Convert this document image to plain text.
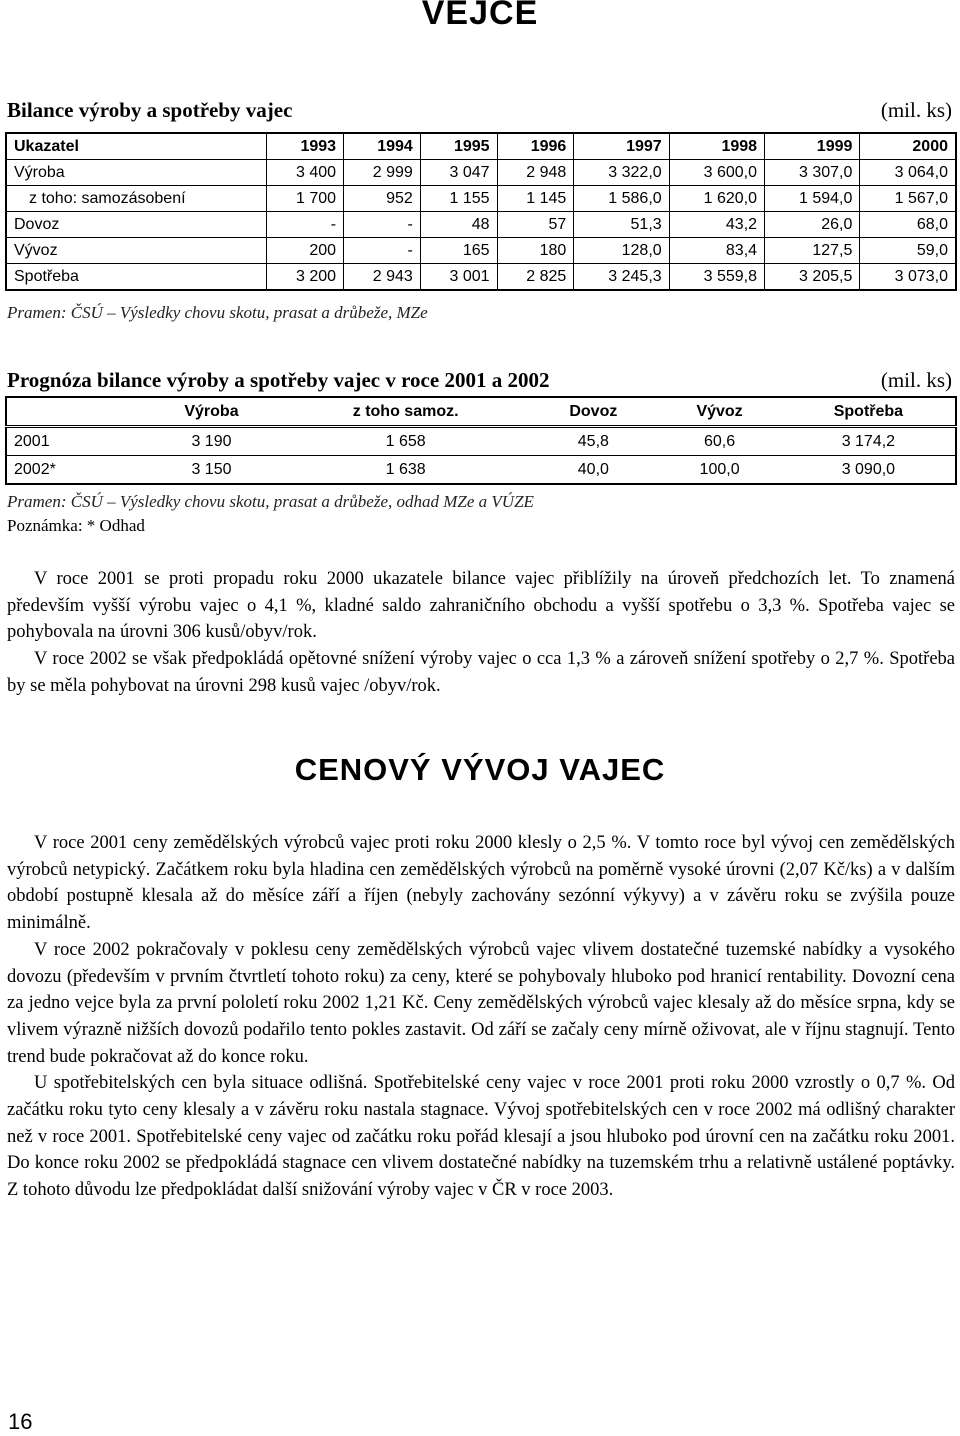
VEJCE
Bilance výroby a spotřeby vajec	(mil. ks)
Ukazatel	1993	1994	1995	1996	1997	1998	1999	2000
Výroba	3 400	2 999	3 047	2 948	3 322,0	3 600,0	3 307,0	3 064,0
z toho: samozásobení	1 700	952	1 155	1 145	1 586,0	1 620,0	1 594,0	1 567,0
Dovoz	-	-	48	57	51,3	43,2	26,0	68,0
Vývoz	200	-	165	180	128,0	83,4	127,5	59,0
Spotřeba	3 200	2 943	3 001	2 825	3 245,3	3 559,8	3 205,5	3 073,0
Pramen: ČSÚ – Výsledky chovu skotu, prasat a drůbeže, MZe
Prognóza bilance výroby a spotřeby vajec v roce 2001 a 2002	(mil. ks)
	Výroba	z toho samoz.	Dovoz	Vývoz	Spotřeba
2001	3 190	1 658	45,8	60,6	3 174,2
2002*	3 150	1 638	40,0	100,0	3 090,0
Pramen: ČSÚ – Výsledky chovu skotu, prasat a drůbeže, odhad MZe a VÚZE
Poznámka: * Odhad

V roce 2001 se proti propadu roku 2000 ukazatele bilance vajec přiblížily na úroveň předchozích let. To znamená především vyšší výrobu vajec o 4,1 %, kladné saldo zahraničního obchodu a vyšší spotřebu o 3,3 %. Spotřeba vajec se pohybovala na úrovni 306 kusů/obyv/rok.

V roce 2002 se však předpokládá opětovné snížení výroby vajec o cca 1,3 % a zároveň snížení spotřeby o 2,7 %. Spotřeba by se měla pohybovat na úrovni 298 kusů vajec /obyv/rok.

CENOVÝ VÝVOJ VAJEC

V roce 2001 ceny zemědělských výrobců vajec proti roku 2000 klesly o 2,5 %. V tomto roce byl vývoj cen zemědělských výrobců netypický. Začátkem roku byla hladina cen zemědělských výrobců na poměrně vysoké úrovni (2,07 Kč/ks) a v dalším období postupně klesala až do měsíce září a říjen (nebyly zachovány sezónní výkyvy) a v závěru roku se zvýšila pouze minimálně.

V roce 2002 pokračovaly v poklesu ceny zemědělských výrobců vajec vlivem dostatečné tuzemské nabídky a vysokého dovozu (především v prvním čtvrtletí tohoto roku) za ceny, které se pohybovaly hluboko pod hranicí rentability. Dovozní cena za jedno vejce byla za první pololetí roku 2002 1,21 Kč. Ceny zemědělských výrobců vajec klesaly až do měsíce srpna, kdy se vlivem výrazně nižších dovozů podařilo tento pokles zastavit. Od září se začaly ceny mírně oživovat, ale v říjnu stagnují. Tento trend bude pokračovat až do konce roku.

U spotřebitelských cen byla situace odlišná. Spotřebitelské ceny vajec v roce 2001 proti roku 2000 vzrostly o 0,7 %. Od začátku roku tyto ceny klesaly a v závěru roku nastala stagnace. Vývoj spotřebitelských cen v roce 2002 má odlišný charakter než v roce 2001. Spotřebitelské ceny vajec od začátku roku pořád klesají a jsou hluboko pod úrovní cen na začátku roku 2001. Do konce roku 2002 se předpokládá stagnace cen vlivem dostatečné nabídky na tuzemském trhu a relativně ustálené poptávky. Z tohoto důvodu lze předpokládat další snižování výroby vajec v ČR v roce 2003.

16
